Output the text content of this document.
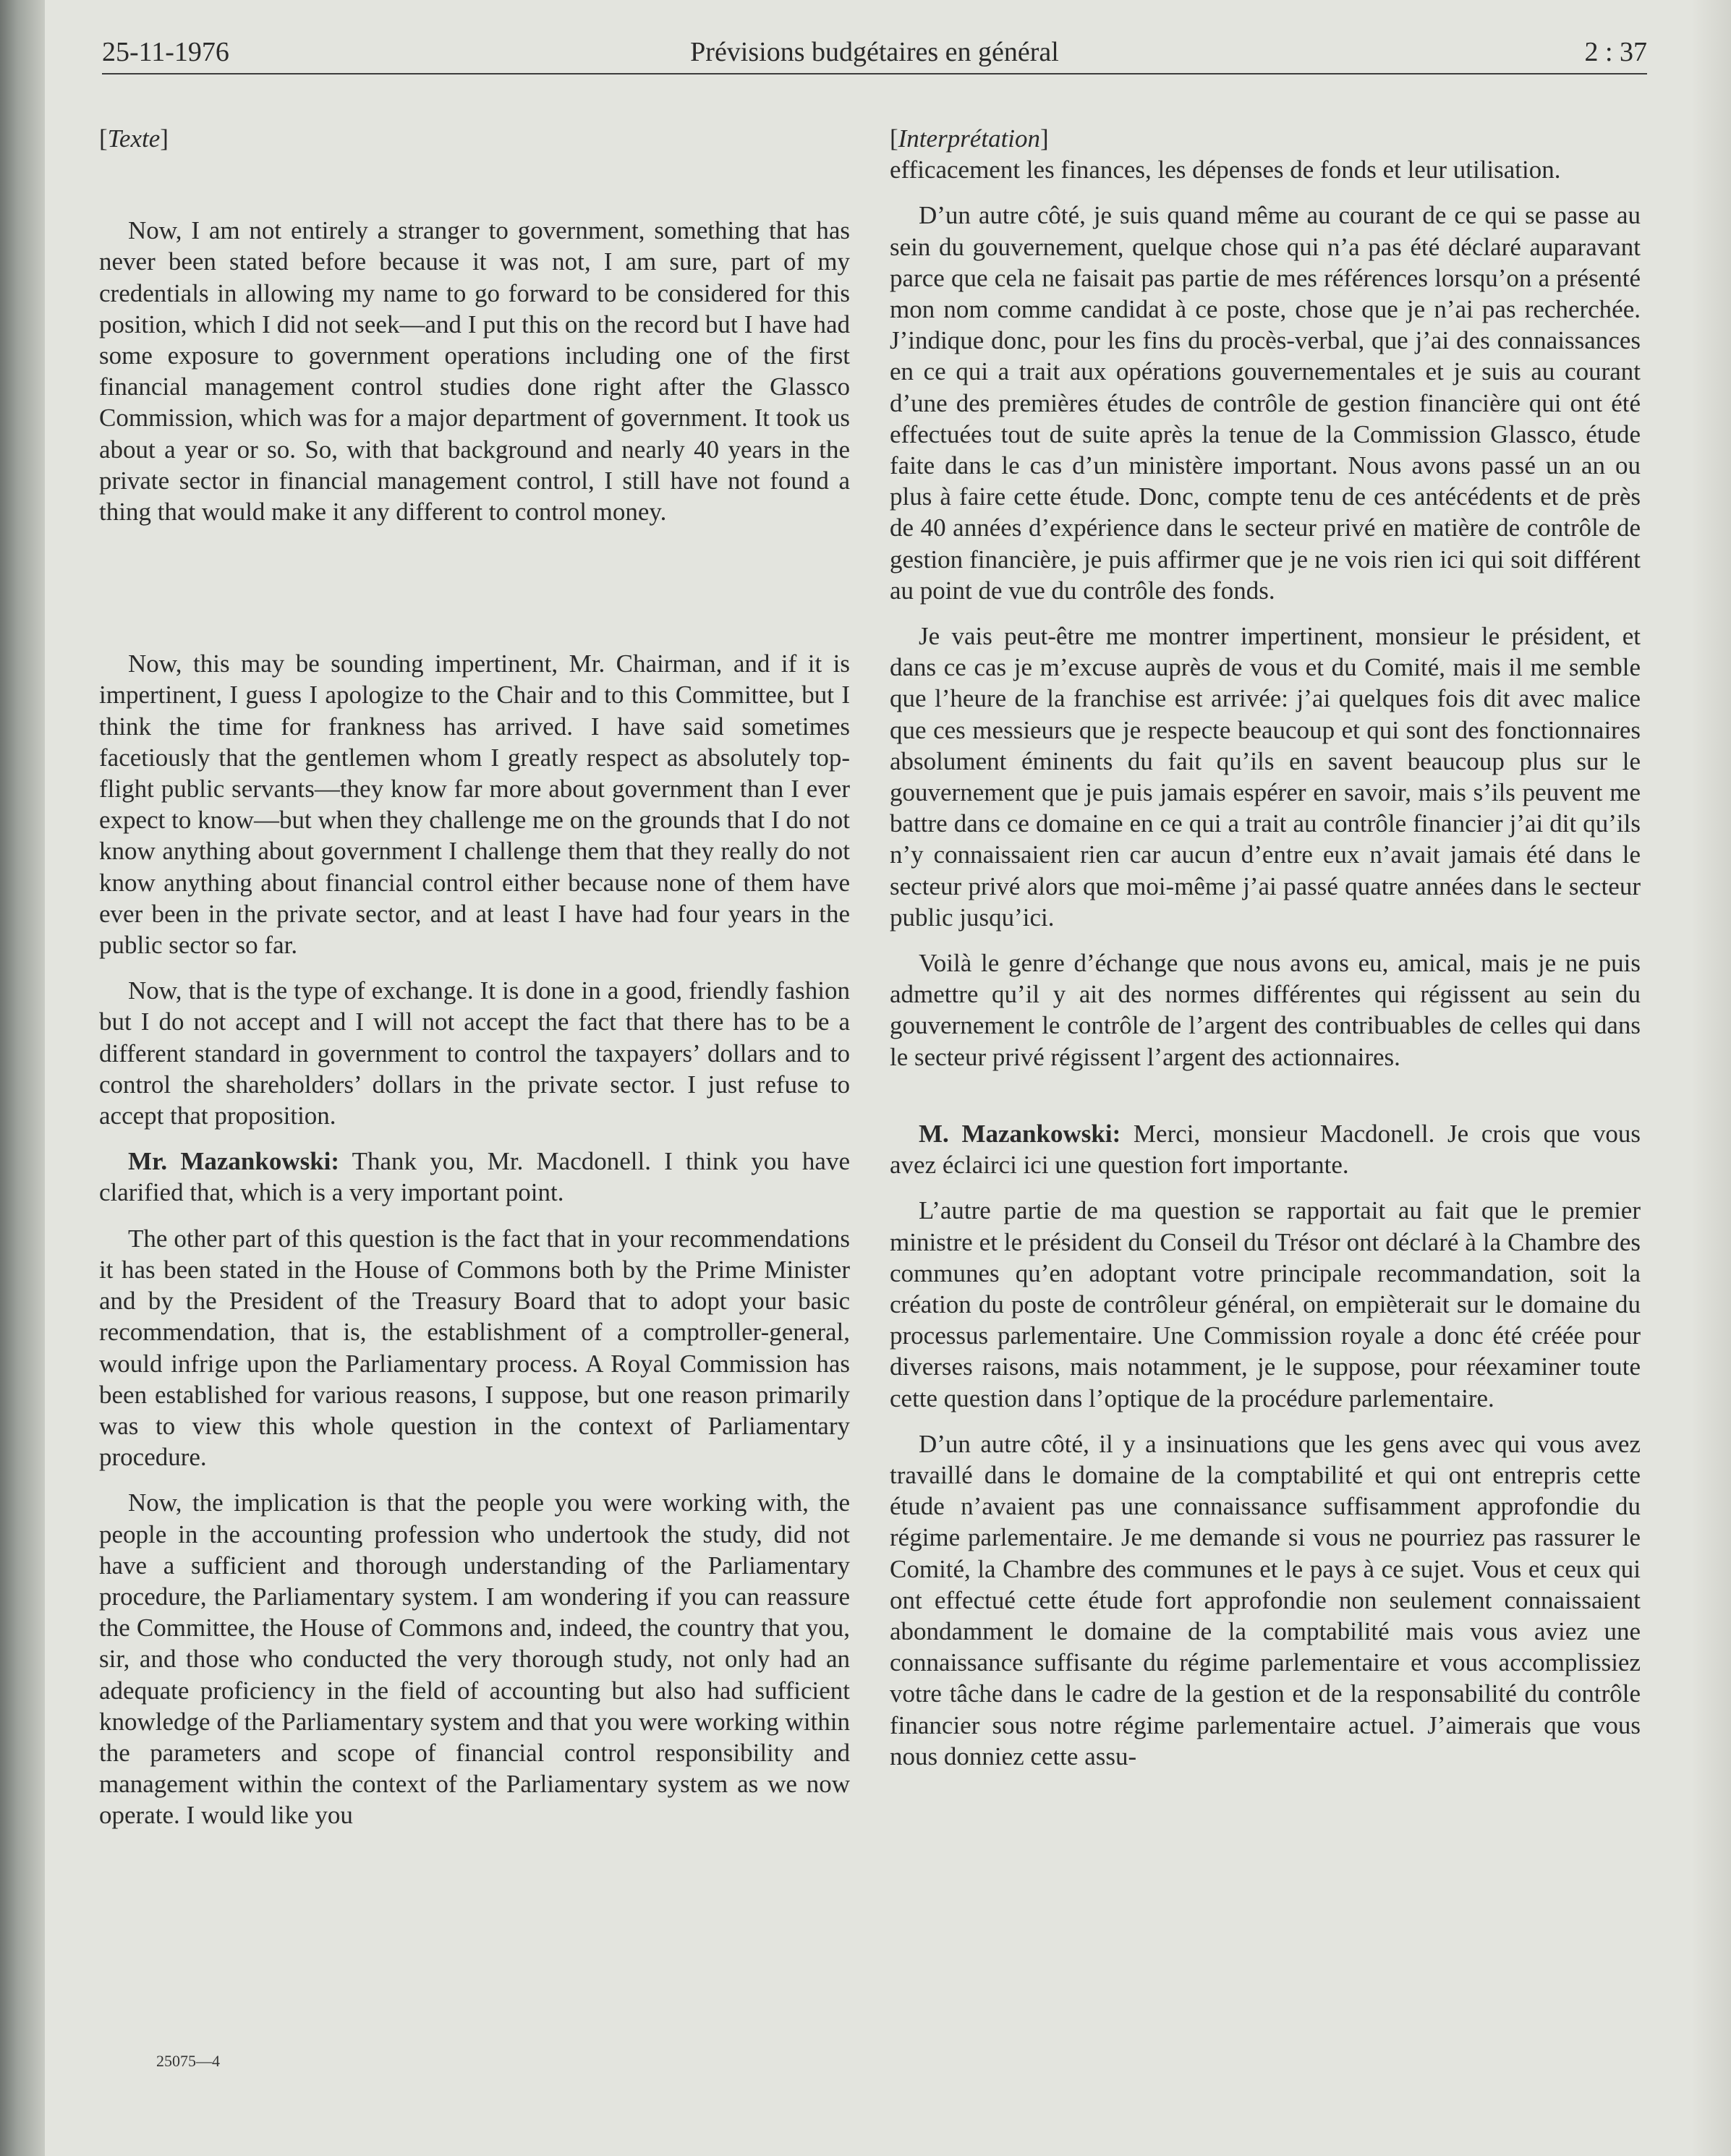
25-11-1976	Prévisions budgétaires en général	2 : 37

[Texte]

Now, I am not entirely a stranger to government, something that has never been stated before because it was not, I am sure, part of my credentials in allowing my name to go forward to be considered for this position, which I did not seek—and I put this on the record but I have had some exposure to government operations including one of the first financial management control studies done right after the Glassco Commission, which was for a major department of government. It took us about a year or so. So, with that background and nearly 40 years in the private sector in financial management control, I still have not found a thing that would make it any different to control money.

Now, this may be sounding impertinent, Mr. Chairman, and if it is impertinent, I guess I apologize to the Chair and to this Committee, but I think the time for frankness has arrived. I have said sometimes facetiously that the gentlemen whom I greatly respect as absolutely top-flight public servants—they know far more about government than I ever expect to know—but when they challenge me on the grounds that I do not know anything about government I challenge them that they really do not know anything about financial control either because none of them have ever been in the private sector, and at least I have had four years in the public sector so far.

Now, that is the type of exchange. It is done in a good, friendly fashion but I do not accept and I will not accept the fact that there has to be a different standard in government to control the taxpayers’ dollars and to control the shareholders’ dollars in the private sector. I just refuse to accept that proposition.

Mr. Mazankowski: Thank you, Mr. Macdonell. I think you have clarified that, which is a very important point.

The other part of this question is the fact that in your recommendations it has been stated in the House of Commons both by the Prime Minister and by the President of the Treasury Board that to adopt your basic recommendation, that is, the establishment of a comptroller-general, would infrige upon the Parliamentary process. A Royal Commission has been established for various reasons, I suppose, but one reason primarily was to view this whole question in the context of Parliamentary procedure.

Now, the implication is that the people you were working with, the people in the accounting profession who undertook the study, did not have a sufficient and thorough understanding of the Parliamentary procedure, the Parliamentary system. I am wondering if you can reassure the Committee, the House of Commons and, indeed, the country that you, sir, and those who conducted the very thorough study, not only had an adequate proficiency in the field of accounting but also had sufficient knowledge of the Parliamentary system and that you were working within the parameters and scope of financial control responsibility and management within the context of the Parliamentary system as we now operate. I would like you

[Interprétation]

efficacement les finances, les dépenses de fonds et leur utilisation.

D’un autre côté, je suis quand même au courant de ce qui se passe au sein du gouvernement, quelque chose qui n’a pas été déclaré auparavant parce que cela ne faisait pas partie de mes références lorsqu’on a présenté mon nom comme candidat à ce poste, chose que je n’ai pas recherchée. J’indique donc, pour les fins du procès-verbal, que j’ai des connaissances en ce qui a trait aux opérations gouvernementales et je suis au courant d’une des premières études de contrôle de gestion financière qui ont été effectuées tout de suite après la tenue de la Commission Glassco, étude faite dans le cas d’un ministère important. Nous avons passé un an ou plus à faire cette étude. Donc, compte tenu de ces antécédents et de près de 40 années d’expérience dans le secteur privé en matière de contrôle de gestion financière, je puis affirmer que je ne vois rien ici qui soit différent au point de vue du contrôle des fonds.

Je vais peut-être me montrer impertinent, monsieur le président, et dans ce cas je m’excuse auprès de vous et du Comité, mais il me semble que l’heure de la franchise est arrivée: j’ai quelques fois dit avec malice que ces messieurs que je respecte beaucoup et qui sont des fonctionnaires absolument éminents du fait qu’ils en savent beaucoup plus sur le gouvernement que je puis jamais espérer en savoir, mais s’ils peuvent me battre dans ce domaine en ce qui a trait au contrôle financier j’ai dit qu’ils n’y connaissaient rien car aucun d’entre eux n’avait jamais été dans le secteur privé alors que moi-même j’ai passé quatre années dans le secteur public jusqu’ici.

Voilà le genre d’échange que nous avons eu, amical, mais je ne puis admettre qu’il y ait des normes différentes qui régissent au sein du gouvernement le contrôle de l’argent des contribuables de celles qui dans le secteur privé régissent l’argent des actionnaires.

M. Mazankowski: Merci, monsieur Macdonell. Je crois que vous avez éclairci ici une question fort importante.

L’autre partie de ma question se rapportait au fait que le premier ministre et le président du Conseil du Trésor ont déclaré à la Chambre des communes qu’en adoptant votre principale recommandation, soit la création du poste de contrôleur général, on empièterait sur le domaine du processus parlementaire. Une Commission royale a donc été créée pour diverses raisons, mais notamment, je le suppose, pour réexaminer toute cette question dans l’optique de la procédure parlementaire.

D’un autre côté, il y a insinuations que les gens avec qui vous avez travaillé dans le domaine de la comptabilité et qui ont entrepris cette étude n’avaient pas une connaissance suffisamment approfondie du régime parlementaire. Je me demande si vous ne pourriez pas rassurer le Comité, la Chambre des communes et le pays à ce sujet. Vous et ceux qui ont effectué cette étude fort approfondie non seulement connaissaient abondamment le domaine de la comptabilité mais vous aviez une connaissance suffisante du régime parlementaire et vous accomplissiez votre tâche dans le cadre de la gestion et de la responsabilité du contrôle financier sous notre régime parlementaire actuel. J’aimerais que vous nous donniez cette assu-

25075—4
